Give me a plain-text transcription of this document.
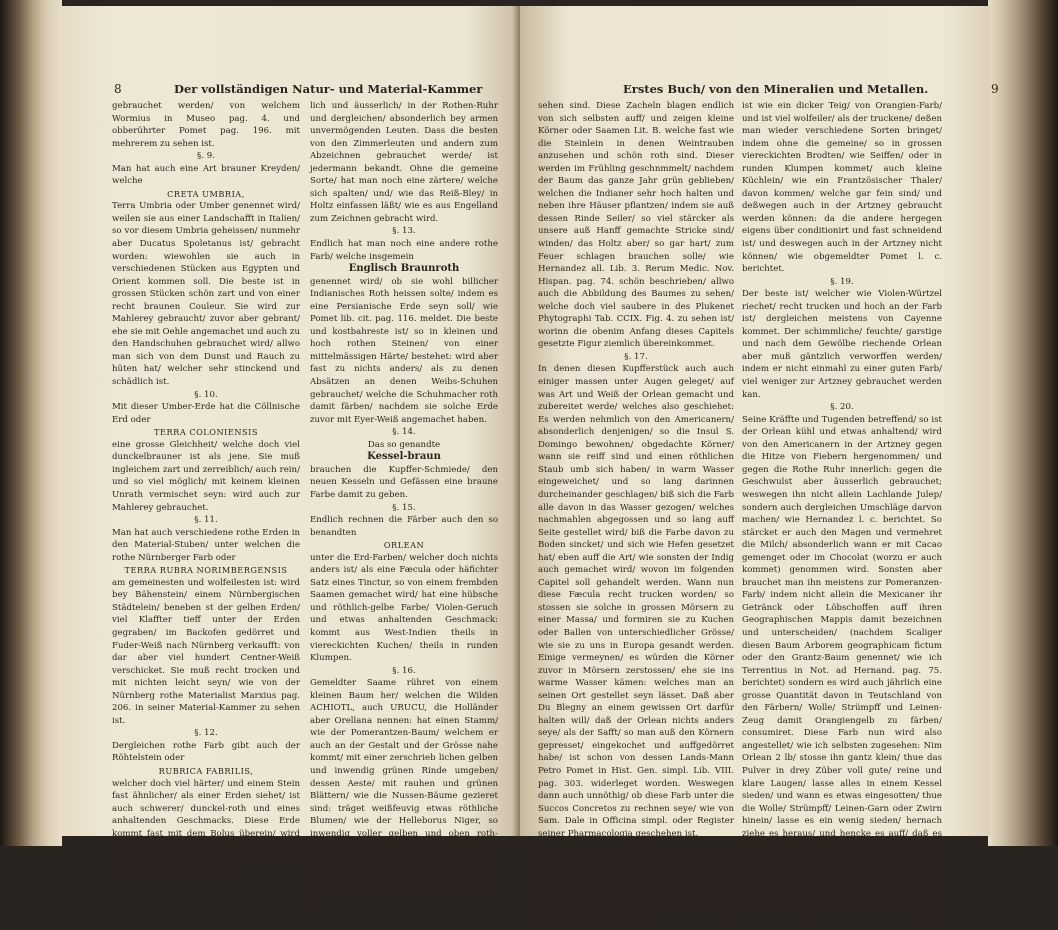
8	Der vollständigen Natur- und Material-Kammer

gebrauchet werden/ von welchem Wormius in Museo pag. 4. und obberührter Pomet pag. 196. mit mehrerem zu sehen ist.

§. 9.

Man hat auch eine Art brauner Kreyden/ welche

CRETA UMBRIA,

Terra Umbria oder Umber genennet wird/ weilen sie aus einer Landschafft in Italien/ so vor diesem Umbria geheissen/ nunmehr aber Ducatus Spoletanus ist/ gebracht worden: wiewohlen sie auch in verschiedenen Stücken aus Egypten und Orient kommen soll. Die beste ist in grossen Stücken schön zart und von einer recht braunen Couleur. Sie wird zur Mahlerey gebraucht/ zuvor aber gebrant/ ehe sie mit Oehle angemachet und auch zu den Handschuhen gebrauchet wird/ allwo man sich von dem Dunst und Rauch zu hüten hat/ welcher sehr stinckend und schädlich ist.

§. 10.

Mit dieser Umber-Erde hat die Cöllnische Erd oder

TERRA COLONIENSIS

eine grosse Gleichheit/ welche doch viel dunckelbrauner ist als jene. Sie muß ingleichem zart und zerreiblich/ auch rein/ und so viel möglich/ mit keinem kleinen Unrath vermischet seyn: wird auch zur Mahlerey gebrauchet.

§. 11.

Man hat auch verschiedene rothe Erden in den Material-Stuben/ unter welchen die rothe Nürnberger Farb oder

TERRA RUBRA NORIMBERGENSIS

am gemeinesten und wolfeilesten ist: wird bey Bähenstein/ einem Nürnbergischen Städtelein/ beneben st der gelben Erden/ viel Klaffter tieff unter der Erden gegraben/ im Backofen gedörret und Fuder-Weiß nach Nürnberg verkaufft: von dar aber viel hundert Centner-Weiß verschicket. Sie muß recht trocken und mit nichten leicht seyn/ wie von der Nürnberg rothe Materialist Marxius pag. 206. in seiner Material-Kammer zu sehen ist.

§. 12.

Dergleichen rothe Farb gibt auch der Röhtelstein oder

RUBRICA FABRILIS,

welcher doch viel härter/ und einem Stein fast ähnlicher/ als einer Erden siehet/ ist auch schwerer/ dunckel-roth und eines anhaltenden Geschmacks. Diese Erde kommt fast mit dem Bolus überein/ wird auch in denjenigen Kranckheiten/ wo der Blutfluß gut ist/ gebraucht/ als im übermässigen Bluten/ inner-

lich und äusserlich/ in der Rothen-Ruhr und dergleichen/ absonderlich bey armen unvermögenden Leuten. Dass die besten von den Zimmerleuten und andern zum Abzeichnen gebrauchet werde/ ist jedermann bekandt. Ohne die gemeine Sorte/ hat man noch eine zärtere/ welche sich spalten/ und/ wie das Reiß-Bley/ in Holtz einfassen läßt/ wie es aus Engelland zum Zeichnen gebracht wird.

§. 13.

Endlich hat man noch eine andere rothe Farb/ welche insgemein

Englisch Braunroth

genennet wird/ ob sie wohl billicher Indianisches Roth heissen solte/ indem es eine Persianische Erde seyn soll/ wie Pomet lib. cit. pag. 116. meldet. Die beste und kostbahreste ist/ so in kleinen und hoch rothen Steinen/ von einer mittelmässigen Härte/ bestehet: wird aber fast zu nichts anders/ als zu denen Absätzen an denen Weibs-Schuhen gebrauchet/ welche die Schuhmacher roth damit färben/ nachdem sie solche Erde zuvor mit Eyer-Weiß angemachet haben.

§. 14.

Das so genandte

Kessel-braun

brauchen die Kupffer-Schmiede/ den neuen Kesseln und Gefässen eine braune Farbe damit zu geben.

§. 15.

Endlich rechnen die Färber auch den so benandten

ORLEAN

unter die Erd-Farben/ welcher doch nichts anders ist/ als eine Fæcula oder häfichter Satz eines Tinctur, so von einem frembden Saamen gemachet wird/ hat eine hübsche und röthlich-gelbe Farbe/ Violen-Geruch und etwas anhaltenden Geschmack: kommt aus West-Indien theils in viereckichten Kuchen/ theils in runden Klumpen.

§. 16.

Gemeldter Saame rühret von einem kleinen Baum her/ welchen die Wilden ACHIOTL, auch URUCU, die Holländer aber Orellana nennen: hat einen Stamm/ wie der Pomerantzen-Baum/ welchem er auch an der Gestalt und der Grösse nahe kommt/ mit einer zerschrieb lichen gelben und inwendig grünen Rinde umgeben/ dessen Aeste/ mit rauhen und grünen Blättern/ wie die Nussen-Bäume gezieret sind: träget weißfeuvig etwas röthliche Blumen/ wie der Helleborus Niger, so inwendig voller gelben und oben roth-gesprecheter Fäserlein ist/ nach welchem raube/ doch nicht stechende Zacheln oder Schooten/ in der Grösse einer grünen Mandel folgen/ so in obiger Figur Lit. A. zu

Erstes Buch/ von den Mineralien und Metallen.	9

sehen sind. Diese Zacheln blagen endlich von sich selbsten auff/ und zeigen kleine Körner oder Saamen Lit. B. welche fast wie die Steinlein in denen Weintrauben anzusehen und schön roth sind. Dieser werden im Frühling geschnmmelt/ nachdem der Baum das ganze Jahr grün geblieben/ welchen die Indianer sehr hoch halten und neben ihre Häuser pflantzen/ indem sie auß dessen Rinde Seiler/ so viel stärcker als unsere auß Hanff gemachte Stricke sind/ winden/ das Holtz aber/ so gar hart/ zum Feuer schlagen brauchen solle/ wie Hernandez all. Lib. 3. Rerum Medic. Nov. Hispan. pag. 74. schön beschrieben/ allwo auch die Abbildung des Baumes zu sehen/ welche doch viel saubere in des Plukenet Phytographi Tab. CCIX. Fig. 4. zu sehen ist/ worinn die obenim Anfang dieses Capitels gesetzte Figur ziemlich übereinkommet.

§. 17.

In denen diesen Kupfferstück auch auch einiger massen unter Augen geleget/ auf was Art und Weiß der Orlean gemacht und zubereitet werde/ welches also geschiehet: Es werden nehmlich von den Americanern/ absonderlich denjenigen/ so die Insul S. Domingo bewohnen/ obgedachte Körner/ wann sie reiff sind und einen röthlichen Staub umb sich haben/ in warm Wasser eingeweichet/ und so lang darinnen durcheinander geschlagen/ biß sich die Farb alle davon in das Wasser gezogen/ welches nachmahlen abgegossen und so lang auff Seite gestellet wird/ biß die Farbe davon zu Boden sincket/ und sich wie Hefen gesetzet hat/ eben auff die Art/ wie sonsten der Indig auch gemachet wird/ wovon im folgenden Capitel soll gehandelt werden. Wann nun diese Fæcula recht trucken worden/ so stossen sie solche in grossen Mörsern zu einer Massa/ und formiren sie zu Kuchen oder Ballen von unterschiedlicher Grösse/ wie sie zu uns in Europa gesandt werden. Einige vermeynen/ es würden die Körner zuvor in Mörsern zerstossen/ ehe sie ins warme Wasser kämen: welches man an seinen Ort gestellet seyn lässet. Daß aber Du Blegny an einem gewissen Ort darfür halten will/ daß der Orlean nichts anders seye/ als der Safft/ so man auß den Körnern gepresset/ eingekochet und auffgedörret habe/ ist schon von dessen Lands-Mann Petro Pomet in Hist. Gen. simpl. Lib. VIII. pag. 303. widerleget worden. Weswegen dann auch unnöthig/ ob diese Farb unter die Succos Concretos zu rechnen seye/ wie von Sam. Dale in Officina simpl. oder Register seiner Pharmacologia geschehen ist.

§. 18.

Sonsten findet man zweyerley Orlean bey denen Materialisten und Apotheckern/ nehmlich die weiche/ oder Orleanam humidam, und die truckene/ oder Orleanam siccam. Der erste

D. V. Mus. Erster Theil.	ist

ist wie ein dicker Teig/ von Orangien-Farb/ und ist viel wolfeiler/ als der truckene/ deßen man wieder verschiedene Sorten bringet/ indem ohne die gemeine/ so in grossen viereckichten Brodten/ wie Seiffen/ oder in runden Klumpen kommet/ auch kleine Küchlein/ wie ein Frantzösischer Thaler/ davon kommen/ welche gar fein sind/ und deßwegen auch in der Artzney gebraucht werden können: da die andere hergegen eigens über conditionirt und fast schneidend ist/ und deswegen auch in der Artzney nicht können/ wie obgemeldter Pomet l. c. berichtet.

§. 19.

Der beste ist/ welcher wie Violen-Würtzel riechet/ recht trucken und hoch an der Farb ist/ dergleichen meistens von Cayenne kommet. Der schimmliche/ feuchte/ garstige und nach dem Gewölbe riechende Orlean aber muß gäntzlich verworffen werden/ indem er nicht einmahl zu einer guten Farb/ viel weniger zur Artzney gebrauchet werden kan.

§. 20.

Seine Kräffte und Tugenden betreffend/ so ist der Orlean kühl und etwas anhaltend/ wird von den Americanern in der Artzney gegen die Hitze von Fiebern hergenommen/ und gegen die Rothe Ruhr innerlich: gegen die Geschwulst aber äusserlich gebrauchet; weswegen ihn nicht allein Lachlande Julep/ sondern auch dergleichen Umschläge darvon machen/ wie Hernandez l. c. berichtet. So stärcket er auch den Magen und vermehret die Milch/ absonderlich wann er mit Cacao gemenget oder im Chocolat (worzu er auch kommet) genommen wird. Sonsten aber brauchet man ihn meistens zur Pomeranzen-Farb/ indem nicht allein die Mexicaner ihr Getränck oder Löbschoffen auff ihren Geographischen Mappis damit bezeichnen und unterscheiden/ (nachdem Scaliger diesen Baum Arborem geographicam fictum oder den Grantz-Baum genennet/ wie ich Terrentius in Not. ad Hernand. pag. 75. berichtet) sondern es wird auch jährlich eine grosse Quantität davon in Teutschland von den Färbern/ Wolle/ Strümpff und Leinen-Zeug damit Orangiengelb zu färben/ consumiret. Diese Farb nun wird also angestellet/ wie ich selbsten zugesehen: Nim Orlean 2 lb/ stosse ihn gantz klein/ thue das Pulver in drey Züber voll gute/ reine und klare Laugen/ lasse alles in einem Kessel sieden/ und wann es etwas eingesotten/ thue die Wolle/ Strümpff/ Leinen-Garn oder Zwirn hinein/ lasse es ein wenig sieden/ hernach ziehe es heraus/ und hencke es auff/ daß es trucken werde: wird schön Pomeranzen-gelb/ und weilen sich der Orlean in die Höhe gibt und oben auff der Lauge schwimmet/ so wird das erste Zeug immer schöner/ als was nach demselben eingestecket wird. So viel ist zum wenigsten zu g. Z.

B	Will-
